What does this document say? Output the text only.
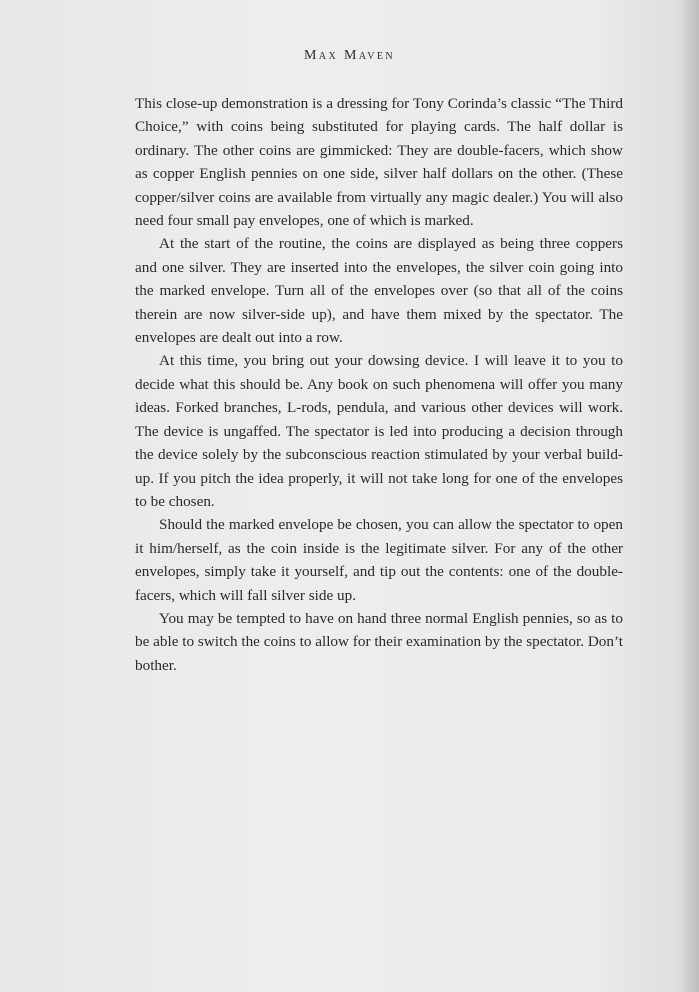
Max Maven

This close-up demonstration is a dressing for Tony Corinda’s classic “The Third Choice,” with coins being substituted for playing cards. The half dollar is ordinary. The other coins are gimmicked: They are double-facers, which show as copper English pennies on one side, silver half dollars on the other. (These copper/silver coins are available from virtually any magic dealer.) You will also need four small pay envelopes, one of which is marked.

At the start of the routine, the coins are displayed as being three coppers and one silver. They are inserted into the envelopes, the silver coin going into the marked envelope. Turn all of the envelopes over (so that all of the coins therein are now silver-side up), and have them mixed by the spectator. The envelopes are dealt out into a row.

At this time, you bring out your dowsing device. I will leave it to you to decide what this should be. Any book on such phenomena will offer you many ideas. Forked branches, L-rods, pendula, and various other devices will work. The device is ungaffed. The spectator is led into producing a decision through the device solely by the subconscious reaction stimulated by your verbal build-up. If you pitch the idea properly, it will not take long for one of the envelopes to be chosen.

Should the marked envelope be chosen, you can allow the spectator to open it him/herself, as the coin inside is the legitimate silver. For any of the other envelopes, simply take it yourself, and tip out the contents: one of the double-facers, which will fall silver side up.

You may be tempted to have on hand three normal English pennies, so as to be able to switch the coins to allow for their examination by the spectator. Don’t bother.
